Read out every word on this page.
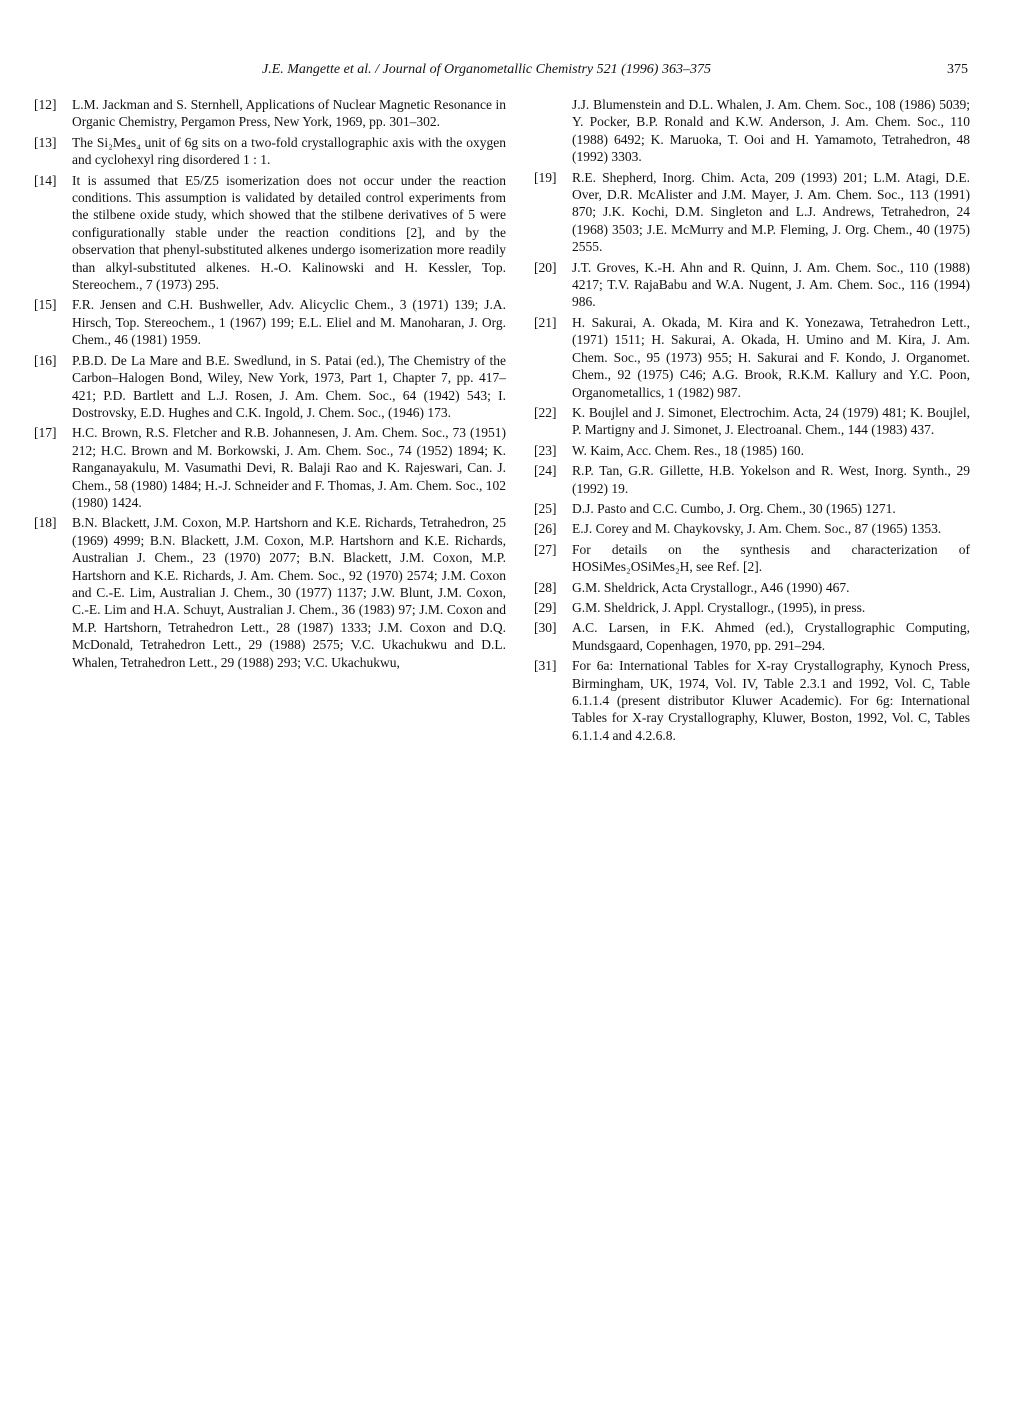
J.E. Mangette et al. / Journal of Organometallic Chemistry 521 (1996) 363–375	375
[12] L.M. Jackman and S. Sternhell, Applications of Nuclear Magnetic Resonance in Organic Chemistry, Pergamon Press, New York, 1969, pp. 301–302.
[13] The Si₂Mes₄ unit of 6g sits on a two-fold crystallographic axis with the oxygen and cyclohexyl ring disordered 1 : 1.
[14] It is assumed that E5/Z5 isomerization does not occur under the reaction conditions. This assumption is validated by detailed control experiments from the stilbene oxide study, which showed that the stilbene derivatives of 5 were configurationally stable under the reaction conditions [2], and by the observation that phenyl-substituted alkenes undergo isomerization more readily than alkyl-substituted alkenes. H.-O. Kalinowski and H. Kessler, Top. Stereochem., 7 (1973) 295.
[15] F.R. Jensen and C.H. Bushweller, Adv. Alicyclic Chem., 3 (1971) 139; J.A. Hirsch, Top. Stereochem., 1 (1967) 199; E.L. Eliel and M. Manoharan, J. Org. Chem., 46 (1981) 1959.
[16] P.B.D. De La Mare and B.E. Swedlund, in S. Patai (ed.), The Chemistry of the Carbon–Halogen Bond, Wiley, New York, 1973, Part 1, Chapter 7, pp. 417–421; P.D. Bartlett and L.J. Rosen, J. Am. Chem. Soc., 64 (1942) 543; I. Dostrovsky, E.D. Hughes and C.K. Ingold, J. Chem. Soc., (1946) 173.
[17] H.C. Brown, R.S. Fletcher and R.B. Johannesen, J. Am. Chem. Soc., 73 (1951) 212; H.C. Brown and M. Borkowski, J. Am. Chem. Soc., 74 (1952) 1894; K. Ranganayakulu, M. Vasumathi Devi, R. Balaji Rao and K. Rajeswari, Can. J. Chem., 58 (1980) 1484; H.-J. Schneider and F. Thomas, J. Am. Chem. Soc., 102 (1980) 1424.
[18] B.N. Blackett, J.M. Coxon, M.P. Hartshorn and K.E. Richards, Tetrahedron, 25 (1969) 4999; B.N. Blackett, J.M. Coxon, M.P. Hartshorn and K.E. Richards, Australian J. Chem., 23 (1970) 2077; B.N. Blackett, J.M. Coxon, M.P. Hartshorn and K.E. Richards, J. Am. Chem. Soc., 92 (1970) 2574; J.M. Coxon and C.-E. Lim, Australian J. Chem., 30 (1977) 1137; J.W. Blunt, J.M. Coxon, C.-E. Lim and H.A. Schuyt, Australian J. Chem., 36 (1983) 97; J.M. Coxon and M.P. Hartshorn, Tetrahedron Lett., 28 (1987) 1333; J.M. Coxon and D.Q. McDonald, Tetrahedron Lett., 29 (1988) 2575; V.C. Ukachukwu and D.L. Whalen, Tetrahedron Lett., 29 (1988) 293; V.C. Ukachukwu,
J.J. Blumenstein and D.L. Whalen, J. Am. Chem. Soc., 108 (1986) 5039; Y. Pocker, B.P. Ronald and K.W. Anderson, J. Am. Chem. Soc., 110 (1988) 6492; K. Maruoka, T. Ooi and H. Yamamoto, Tetrahedron, 48 (1992) 3303.
[19] R.E. Shepherd, Inorg. Chim. Acta, 209 (1993) 201; L.M. Atagi, D.E. Over, D.R. McAlister and J.M. Mayer, J. Am. Chem. Soc., 113 (1991) 870; J.K. Kochi, D.M. Singleton and L.J. Andrews, Tetrahedron, 24 (1968) 3503; J.E. McMurry and M.P. Fleming, J. Org. Chem., 40 (1975) 2555.
[20] J.T. Groves, K.-H. Ahn and R. Quinn, J. Am. Chem. Soc., 110 (1988) 4217; T.V. RajaBabu and W.A. Nugent, J. Am. Chem. Soc., 116 (1994) 986.
[21] H. Sakurai, A. Okada, M. Kira and K. Yonezawa, Tetrahedron Lett., (1971) 1511; H. Sakurai, A. Okada, H. Umino and M. Kira, J. Am. Chem. Soc., 95 (1973) 955; H. Sakurai and F. Kondo, J. Organomet. Chem., 92 (1975) C46; A.G. Brook, R.K.M. Kallury and Y.C. Poon, Organometallics, 1 (1982) 987.
[22] K. Boujlel and J. Simonet, Electrochim. Acta, 24 (1979) 481; K. Boujlel, P. Martigny and J. Simonet, J. Electroanal. Chem., 144 (1983) 437.
[23] W. Kaim, Acc. Chem. Res., 18 (1985) 160.
[24] R.P. Tan, G.R. Gillette, H.B. Yokelson and R. West, Inorg. Synth., 29 (1992) 19.
[25] D.J. Pasto and C.C. Cumbo, J. Org. Chem., 30 (1965) 1271.
[26] E.J. Corey and M. Chaykovsky, J. Am. Chem. Soc., 87 (1965) 1353.
[27] For details on the synthesis and characterization of HOSiMes₂OSiMes₂H, see Ref. [2].
[28] G.M. Sheldrick, Acta Crystallogr., A46 (1990) 467.
[29] G.M. Sheldrick, J. Appl. Crystallogr., (1995), in press.
[30] A.C. Larsen, in F.K. Ahmed (ed.), Crystallographic Computing, Mundsgaard, Copenhagen, 1970, pp. 291–294.
[31] For 6a: International Tables for X-ray Crystallography, Kynoch Press, Birmingham, UK, 1974, Vol. IV, Table 2.3.1 and 1992, Vol. C, Table 6.1.1.4 (present distributor Kluwer Academic). For 6g: International Tables for X-ray Crystallography, Kluwer, Boston, 1992, Vol. C, Tables 6.1.1.4 and 4.2.6.8.
